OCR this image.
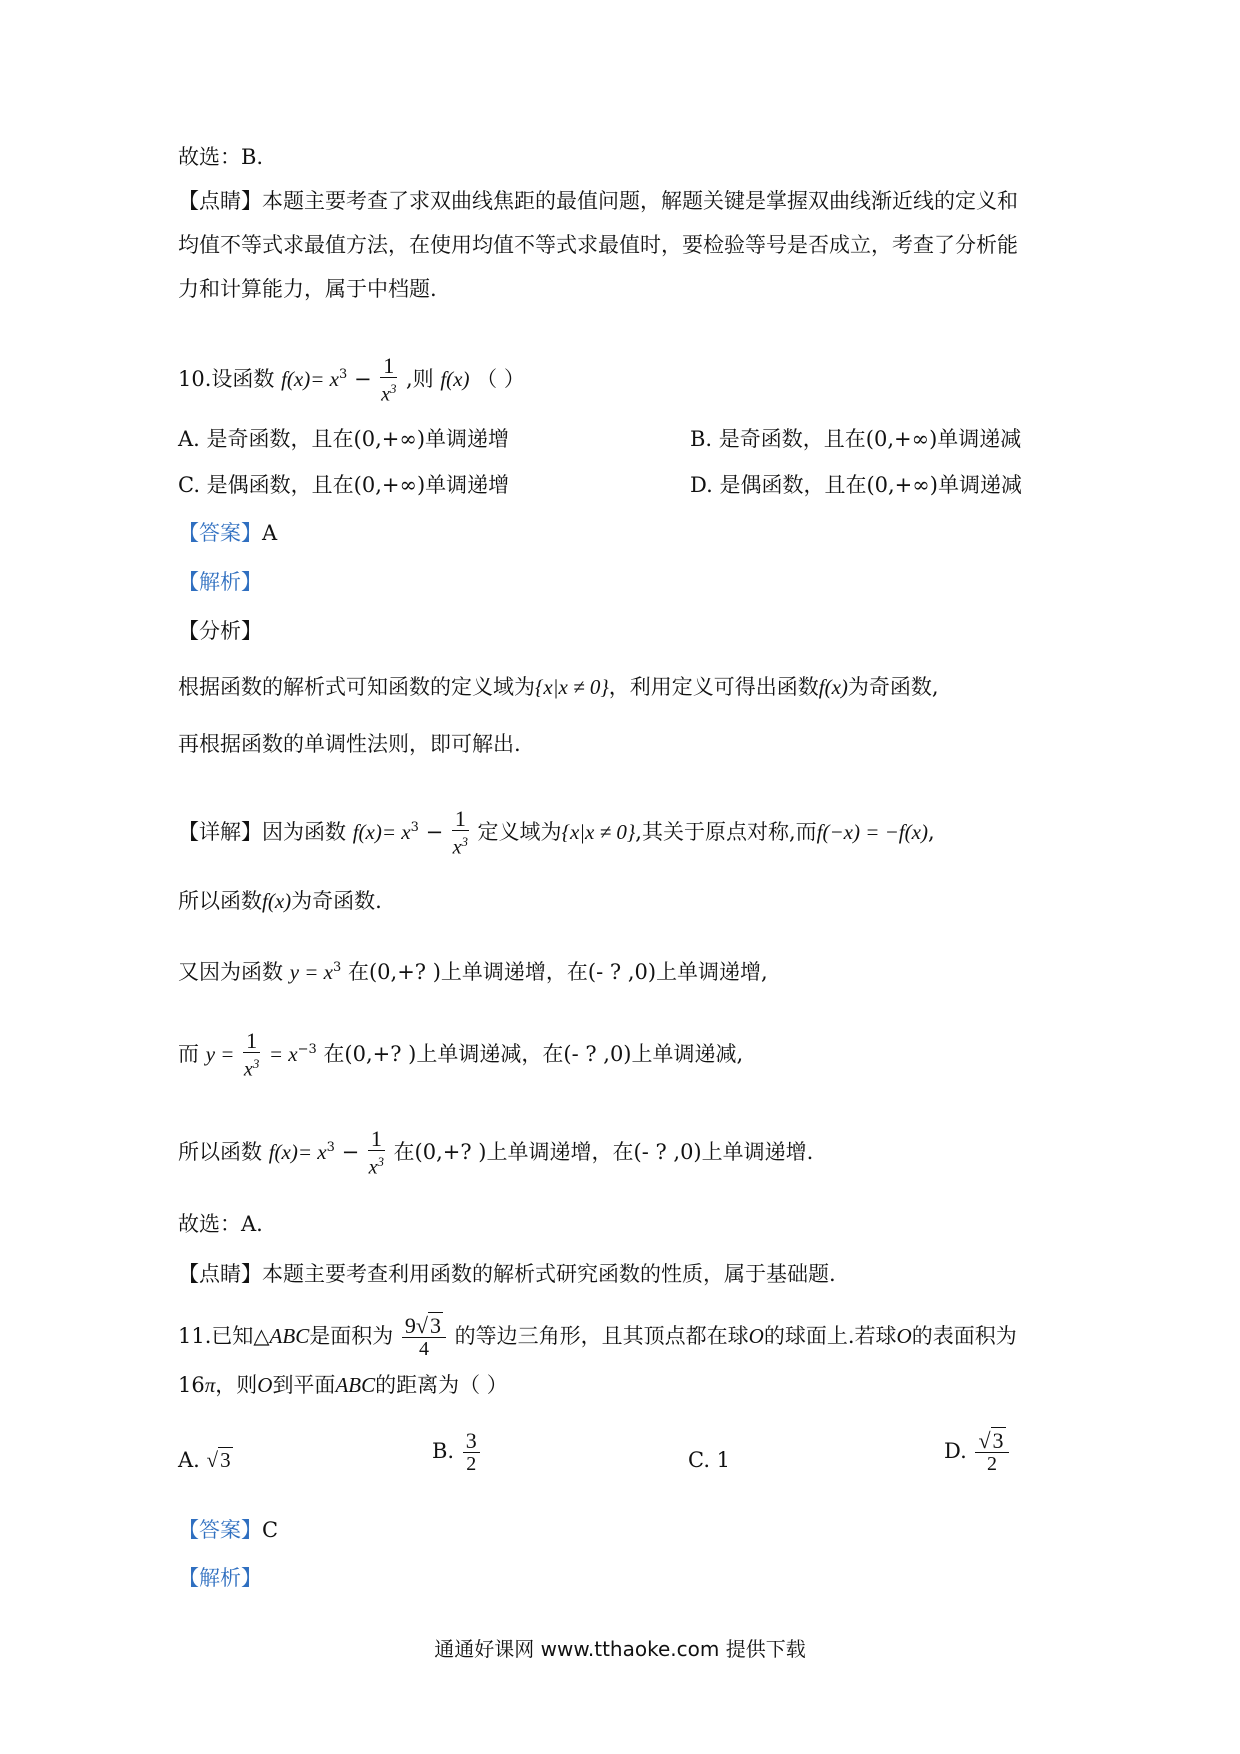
故选：B.
【点睛】本题主要考查了求双曲线焦距的最值问题，解题关键是掌握双曲线渐近线的定义和
均值不等式求最值方法，在使用均值不等式求最值时，要检验等号是否成立，考查了分析能
力和计算能力，属于中档题.
10.设函数 $f(x)= x^3 - \frac{1}{x^3}$ ,则 f(x) （ ）
A. 是奇函数，且在(0,+∞)单调递增	B. 是奇函数，且在(0,+∞)单调递减
C. 是偶函数，且在(0,+∞)单调递增	D. 是偶函数，且在(0,+∞)单调递减
【答案】A
【解析】
【分析】
根据函数的解析式可知函数的定义域为{x|x ≠ 0}，利用定义可得出函数f(x)为奇函数,
再根据函数的单调性法则，即可解出.
【详解】因为函数 $f(x)= x^3 - \frac{1}{x^3}$ 定义域为{x|x ≠ 0},其关于原点对称,而f(−x) = −f(x),
所以函数f(x)为奇函数.
又因为函数 $y = x^3$ 在(0,+? )上单调递增，在(- ? ,0)上单调递增,
而 $y = \frac{1}{x^3} = x^{-3}$ 在(0,+? )上单调递减，在(- ? ,0)上单调递减,
所以函数 $f(x)= x^3 - \frac{1}{x^3}$ 在(0,+? )上单调递增，在(- ? ,0)上单调递增.
故选：A.
【点睛】本题主要考查利用函数的解析式研究函数的性质，属于基础题.
11.已知△ABC是面积为 $\frac{9√3}{4}$ 的等边三角形，且其顶点都在球O的球面上.若球O的表面积为
16π，则O到平面ABC的距离为（ ）
A. √3	B. $\frac{3}{2}$	C. 1	D. $\frac{√3}{2}$
【答案】C
【解析】
通通好课网 www.tthaoke.com 提供下载
